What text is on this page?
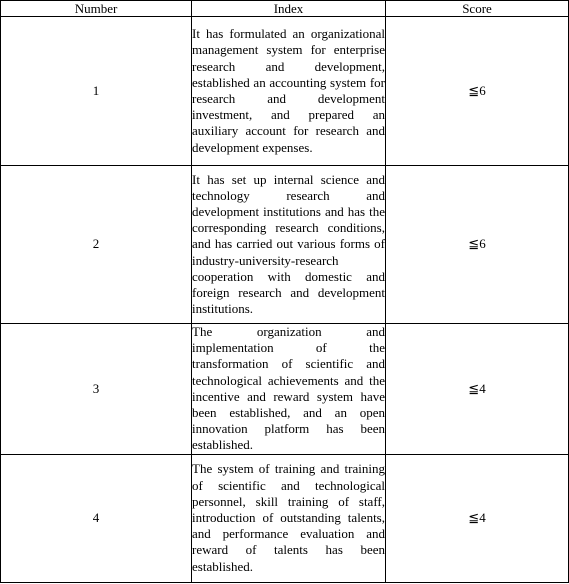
Number	Index	Score
1	It has formulated an organizational management system for enterprise research and development, established an accounting system for research and development investment, and prepared an auxiliary account for research and development expenses.	≦6
2	It has set up internal science and technology research and development institutions and has the corresponding research conditions, and has carried out various forms of industry-university-research cooperation with domestic and foreign research and development institutions.	≦6
3	The organization and implementation of the transformation of scientific and technological achievements and the incentive and reward system have been established, and an open innovation platform has been established.	≦4
4	The system of training and training of scientific and technological personnel, skill training of staff, introduction of outstanding talents, and performance evaluation and reward of talents has been established.	≦4
